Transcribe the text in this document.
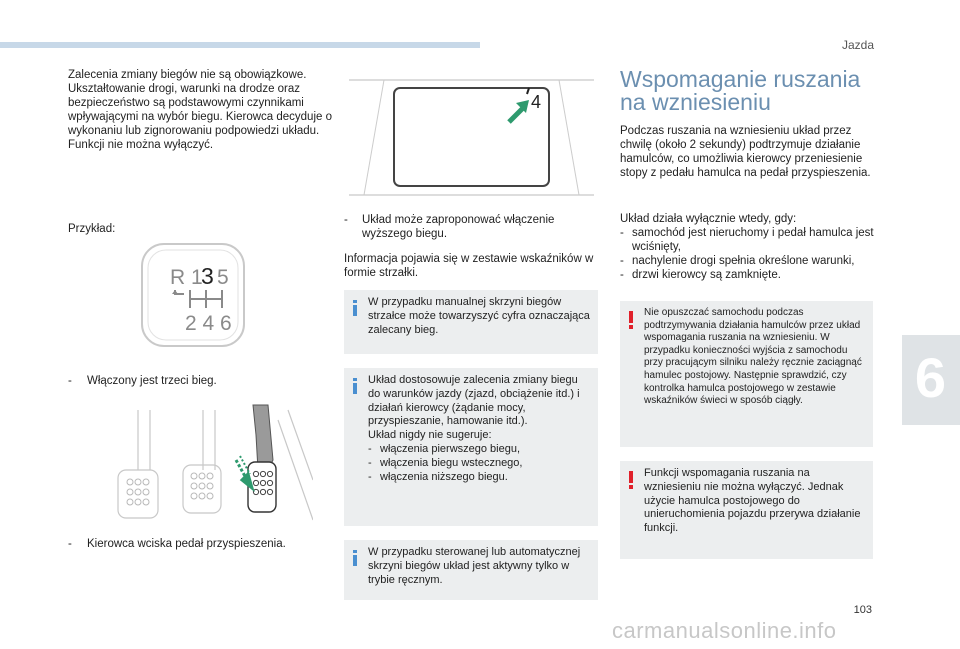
Jazda
6

Zalecenia zmiany biegów nie są obowiązkowe. Ukształtowanie drogi, warunki na drodze oraz bezpieczeństwo są podstawowymi czynnikami wpływającymi na wybór biegu. Kierowca decyduje o wykonaniu lub zignorowaniu podpowiedzi układu.
Funkcji nie można wyłączyć.

Przykład:

R 1
3 5
2 4 6
- Włączony jest trzeci bieg.

- Kierowca wciska pedał przyspieszenia.

4
- Układ może zaproponować włączenie wyższego biegu.

Informacja pojawia się w zestawie wskaźników w formie strzałki.

W przypadku manualnej skrzyni biegów strzałce może towarzyszyć cyfra oznaczająca zalecany bieg.
Układ dostosowuje zalecenia zmiany biegu do warunków jazdy (zjazd, obciążenie itd.) i działań kierowcy (żądanie mocy, przyspieszanie, hamowanie itd.).
Układ nigdy nie sugeruje:
- włączenia pierwszego biegu,
- włączenia biegu wstecznego,
- włączenia niższego biegu.
W przypadku sterowanej lub automatycznej skrzyni biegów układ jest aktywny tylko w trybie ręcznym.
Wspomaganie ruszania na wzniesieniu

Podczas ruszania na wzniesieniu układ przez chwilę (około 2 sekundy) podtrzymuje działanie hamulców, co umożliwia kierowcy przeniesienie stopy z pedału hamulca na pedał przyspieszenia.

Układ działa wyłącznie wtedy, gdy:
- samochód jest nieruchomy i pedał hamulca jest wciśnięty,
- nachylenie drogi spełnia określone warunki,
- drzwi kierowcy są zamknięte.
Nie opuszczać samochodu podczas podtrzymywania działania hamulców przez układ wspomagania ruszania na wzniesieniu. W przypadku konieczności wyjścia z samochodu przy pracującym silniku należy ręcznie zaciągnąć hamulec postojowy. Następnie sprawdzić, czy kontrolka hamulca postojowego w zestawie wskaźników świeci w sposób ciągły.
Funkcji wspomagania ruszania na wzniesieniu nie można wyłączyć. Jednak użycie hamulca postojowego do unieruchomienia pojazdu przerywa działanie funkcji.
103
carmanualsonline.info
